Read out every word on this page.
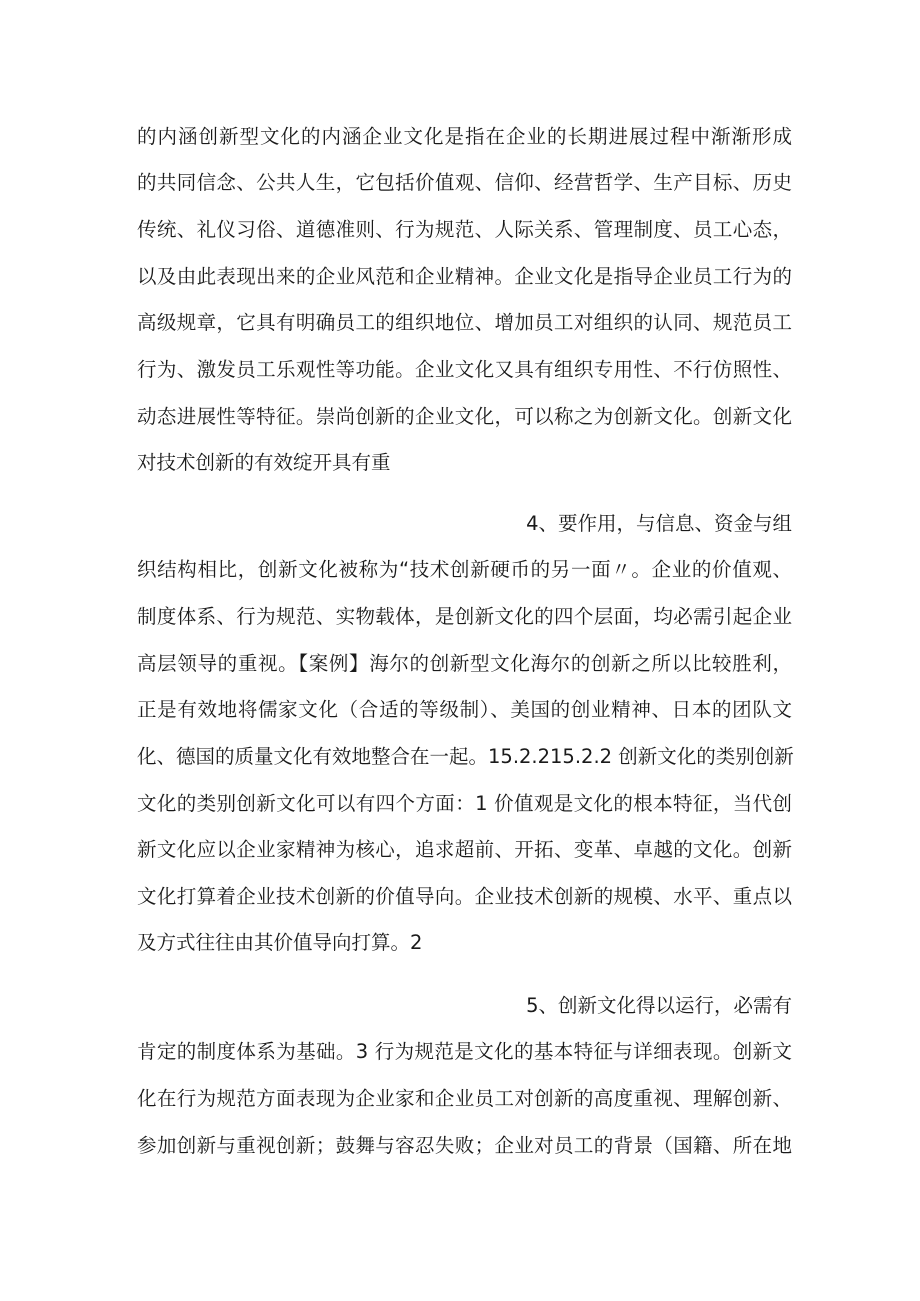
的内涵创新型文化的内涵企业文化是指在企业的长期进展过程中渐渐形成
的共同信念、公共人生，它包括价值观、信仰、经营哲学、生产目标、历史
传统、礼仪习俗、道德准则、行为规范、人际关系、管理制度、员工心态，
以及由此表现出来的企业风范和企业精神。企业文化是指导企业员工行为的
高级规章，它具有明确员工的组织地位、增加员工对组织的认同、规范员工
行为、激发员工乐观性等功能。企业文化又具有组织专用性、不行仿照性、
动态进展性等特征。崇尚创新的企业文化，可以称之为创新文化。创新文化
对技术创新的有效绽开具有重
4、要作用，与信息、资金与组
织结构相比，创新文化被称为“技术创新硬币的另一面〃。企业的价值观、
制度体系、行为规范、实物载体，是创新文化的四个层面，均必需引起企业
高层领导的重视。【案例】海尔的创新型文化海尔的创新之所以比较胜利，
正是有效地将儒家文化（合适的等级制）、美国的创业精神、日本的团队文
化、德国的质量文化有效地整合在一起。15.2.215.2.2 创新文化的类别创新
文化的类别创新文化可以有四个方面：1 价值观是文化的根本特征，当代创
新文化应以企业家精神为核心，追求超前、开拓、变革、卓越的文化。创新
文化打算着企业技术创新的价值导向。企业技术创新的规模、水平、重点以
及方式往往由其价值导向打算。2
5、创新文化得以运行，必需有
肯定的制度体系为基础。3 行为规范是文化的基本特征与详细表现。创新文
化在行为规范方面表现为企业家和企业员工对创新的高度重视、理解创新、
参加创新与重视创新；鼓舞与容忍失败；企业对员工的背景（国籍、所在地
